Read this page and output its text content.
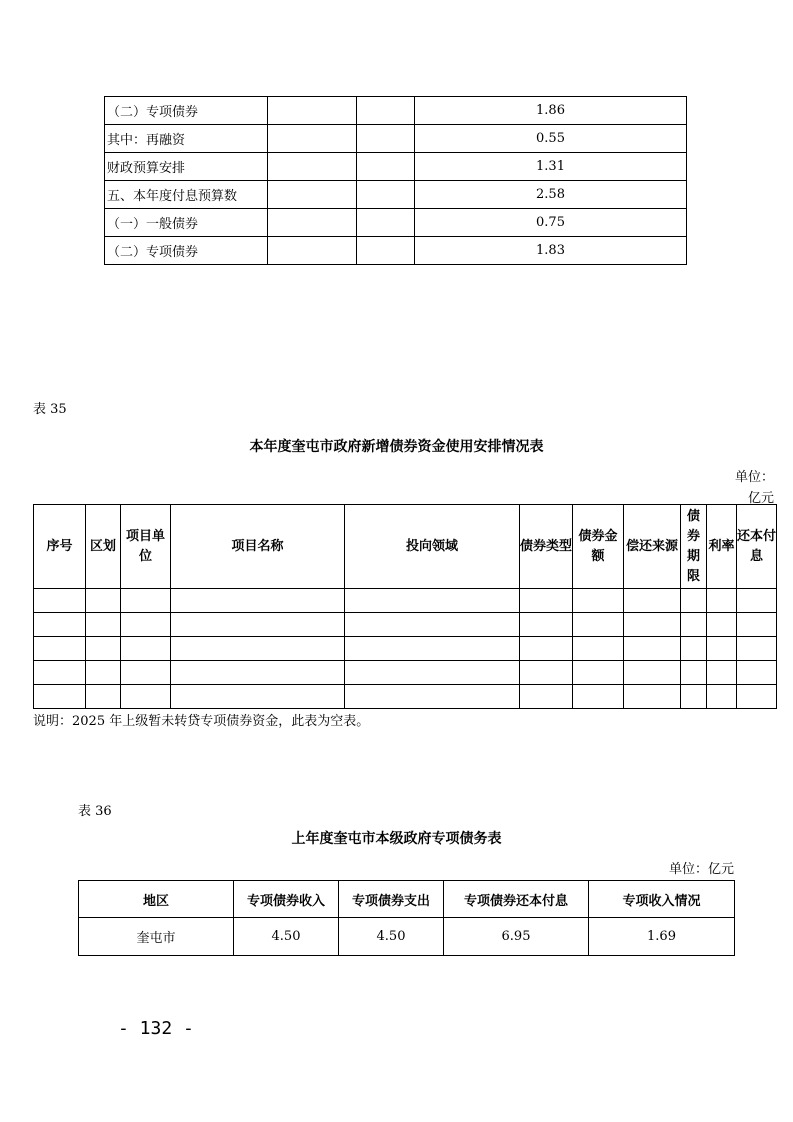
（二）专项债券			1.86
其中：再融资			0.55
财政预算安排			1.31
五、本年度付息预算数			2.58
（一）一般债券			0.75
（二）专项债券			1.83
表 35
本年度奎屯市政府新增债券资金使用安排情况表
单位：
亿元
序号	区划	项目单位	项目名称	投向领域	债券类型	债券金额	偿还来源	债券期限	利率	还本付息

说明：2025 年上级暂未转贷专项债券资金，此表为空表。
表 36
上年度奎屯市本级政府专项债务表
单位：亿元
地区	专项债券收入	专项债券支出	专项债券还本付息	专项收入情况
奎屯市	4.50	4.50	6.95	1.69
- 132 -
